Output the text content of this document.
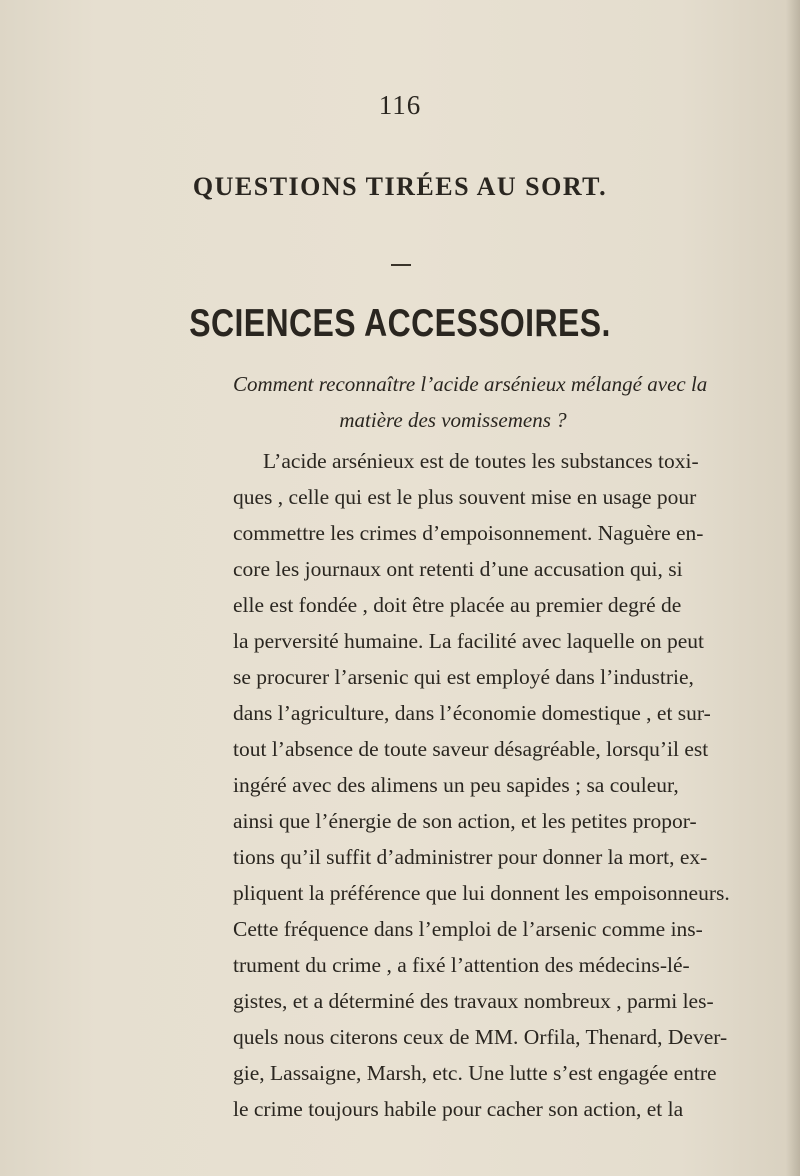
116
QUESTIONS TIRÉES AU SORT.
SCIENCES ACCESSOIRES.
Comment reconnaître l’acide arsénieux mélangé avec la
matière des vomissemens ?
L’acide arsénieux est de toutes les substances toxi-
ques , celle qui est le plus souvent mise en usage pour
commettre les crimes d’empoisonnement. Naguère en-
core les journaux ont retenti d’une accusation qui, si
elle est fondée , doit être placée au premier degré de
la perversité humaine. La facilité avec laquelle on peut
se procurer l’arsenic qui est employé dans l’industrie,
dans l’agriculture, dans l’économie domestique , et sur-
tout l’absence de toute saveur désagréable, lorsqu’il est
ingéré avec des alimens un peu sapides ; sa couleur,
ainsi que l’énergie de son action, et les petites propor-
tions qu’il suffit d’administrer pour donner la mort, ex-
pliquent la préférence que lui donnent les empoisonneurs.
Cette fréquence dans l’emploi de l’arsenic comme ins-
trument du crime , a fixé l’attention des médecins-lé-
gistes, et a déterminé des travaux nombreux , parmi les-
quels nous citerons ceux de MM. Orfila, Thenard, Dever-
gie, Lassaigne, Marsh, etc. Une lutte s’est engagée entre
le crime toujours habile pour cacher son action, et la
